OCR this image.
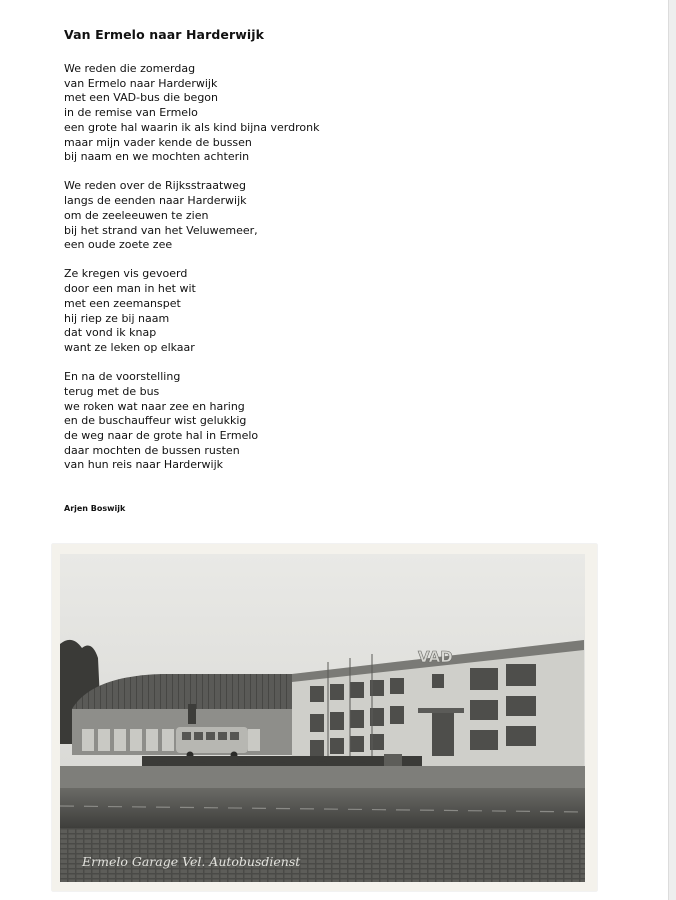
Van Ermelo naar Harderwijk
We reden die zomerdag
van Ermelo naar Harderwijk
met een VAD-bus die begon
in de remise van Ermelo
een grote hal waarin ik als kind bijna verdronk
maar mijn vader kende de bussen
bij naam en we mochten achterin
We reden over de Rijksstraatweg
langs de eenden naar Harderwijk
om de zeeleeuwen te zien
bij het strand van het Veluwemeer,
een oude zoete zee
Ze kregen vis gevoerd
door een man in het wit
met een zeemanspet
hij riep ze bij naam
dat vond ik knap
want ze leken op elkaar
En na de voorstelling
terug met de bus
we roken wat naar zee en haring
en de buschauffeur wist gelukkig
de weg naar de grote hal in Ermelo
daar mochten de bussen rusten
van hun reis naar Harderwijk
Arjen Boswijk
VAD
Ermelo Garage Vel. Autobusdienst
